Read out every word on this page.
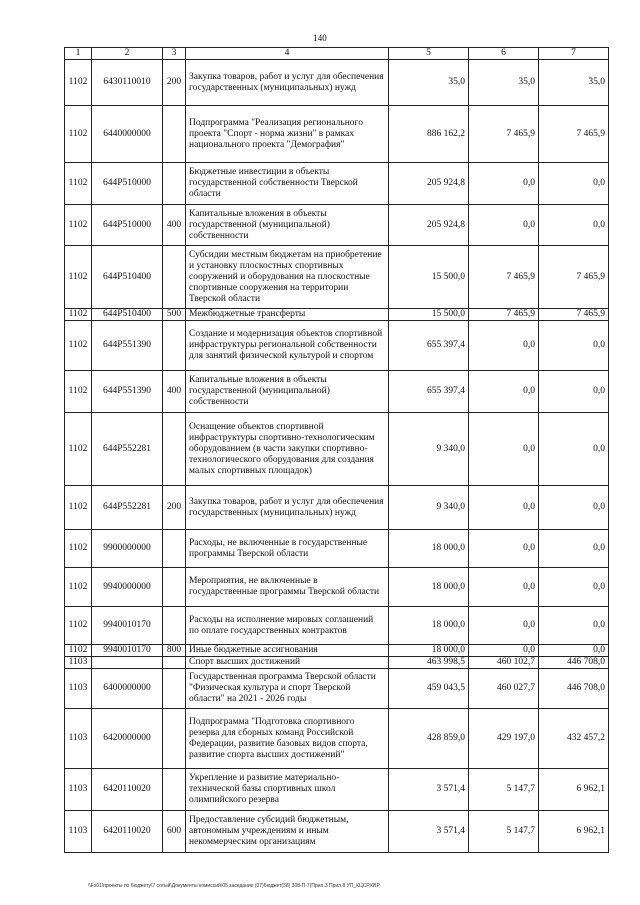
140
1	2	3	4	5	6	7
1102	6430110010	200	Закупка товаров, работ и услуг для обеспечения государственных (муниципальных) нужд	35,0	35,0	35,0
1102	6440000000		Подпрограмма "Реализация регионального проекта "Спорт - норма жизни" в рамках национального проекта "Демография"	886 162,2	7 465,9	7 465,9
1102	644P510000		Бюджетные инвестиции в объекты государственной собственности Тверской области	205 924,8	0,0	0,0
1102	644P510000	400	Капитальные вложения в объекты государственной (муниципальной) собственности	205 924,8	0,0	0,0
1102	644P510400		Субсидии местным бюджетам на приобретение и установку плоскостных спортивных сооружений и оборудования на плоскостные спортивные сооружения на территории Тверской области	15 500,0	7 465,9	7 465,9
1102	644P510400	500	Межбюджетные трансферты	15 500,0	7 465,9	7 465,9
1102	644P551390		Создание и модернизация объектов спортивной инфраструктуры региональной собственности для занятий физической культурой и спортом	655 397,4	0,0	0,0
1102	644P551390	400	Капитальные вложения в объекты государственной (муниципальной) собственности	655 397,4	0,0	0,0
1102	644P552281		Оснащение объектов спортивной инфраструктуры спортивно-технологическим оборудованием (в части закупки спортивно-технологического оборудования для создания малых спортивных площадок)	9 340,0	0,0	0,0
1102	644P552281	200	Закупка товаров, работ и услуг для обеспечения государственных (муниципальных) нужд	9 340,0	0,0	0,0
1102	9900000000		Расходы, не включенные в государственные программы Тверской области	18 000,0	0,0	0,0
1102	9940000000		Мероприятия, не включенные в государственные программы Тверской области	18 000,0	0,0	0,0
1102	9940010170		Расходы на исполнение мировых соглашений по оплате государственных контрактов	18 000,0	0,0	0,0
1102	9940010170	800	Иные бюджетные ассигнования	18 000,0	0,0	0,0
1103			Спорт высших достижений	463 998,5	460 102,7	446 708,0
1103	6400000000		Государственная программа Тверской области "Физическая культура и спорт Тверской области" на 2021 - 2026 годы	459 043,5	460 027,7	446 708,0
1103	6420000000		Подпрограмма "Подготовка спортивного резерва для сборных команд Российской Федерации, развитие базовых видов спорта, развитие спорта высших достижений"	428 859,0	429 197,0	432 457,2
1103	6420110020		Укрепление и развитие материально-технической базы спортивных школ олимпийского резерва	3 571,4	5 147,7	6 962,1
1103	6420110020	600	Предоставление субсидий бюджетным, автономным учреждениям и иным некоммерческим организациям	3 571,4	5 147,7	6 962,1
\\Fs01\проекты по бюджету\7 сотый\Документы комиссий\05 заседание (07)бюджет(38) 308-П-7(Прил.3 Прил.8 УП_КЦСР,КВР
